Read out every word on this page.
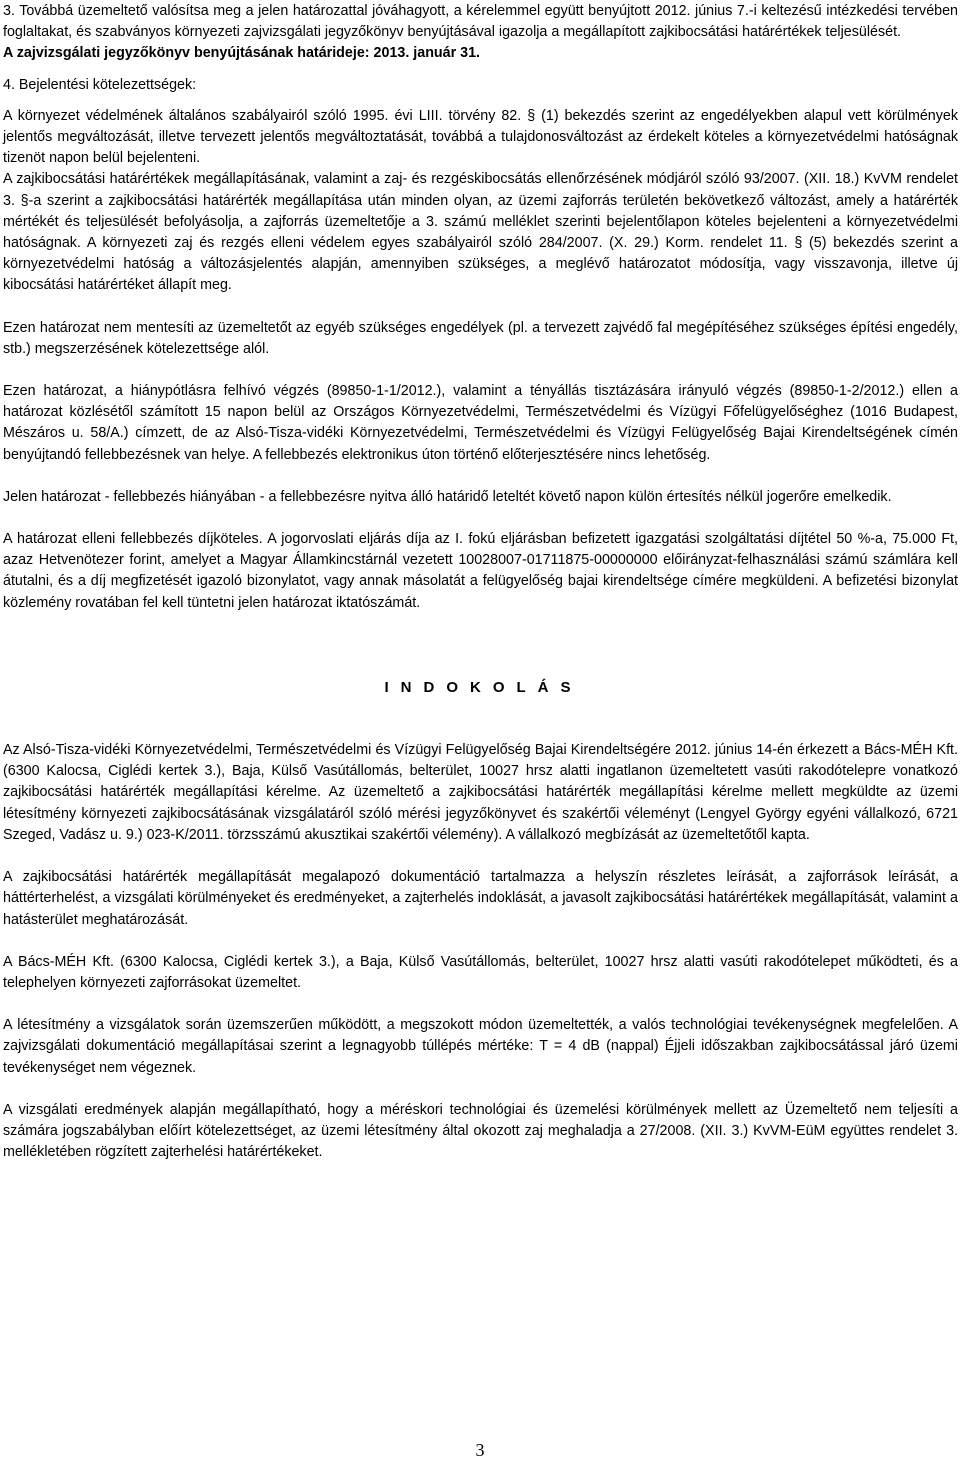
3. Továbbá üzemeltető valósítsa meg a jelen határozattal jóváhagyott, a kérelemmel együtt benyújtott 2012. június 7.-i keltezésű intézkedési tervében foglaltakat, és szabványos környezeti zajvizsgálati jegyzőkönyv benyújtásával igazolja a megállapított zajkibocsátási határértékek teljesülését.

A zajvizsgálati jegyzőkönyv benyújtásának határideje: 2013. január 31.

4. Bejelentési kötelezettségek:

A környezet védelmének általános szabályairól szóló 1995. évi LIII. törvény 82. § (1) bekezdés szerint az engedélyekben alapul vett körülmények jelentős megváltozását, illetve tervezett jelentős megváltoztatását, továbbá a tulajdonosváltozást az érdekelt köteles a környezetvédelmi hatóságnak tizenöt napon belül bejelenteni.

A zajkibocsátási határértékek megállapításának, valamint a zaj- és rezgéskibocsátás ellenőrzésének módjáról szóló 93/2007. (XII. 18.) KvVM rendelet 3. §-a szerint a zajkibocsátási határérték megállapítása után minden olyan, az üzemi zajforrás területén bekövetkező változást, amely a határérték mértékét és teljesülését befolyásolja, a zajforrás üzemeltetője a 3. számú melléklet szerinti bejelentőlapon köteles bejelenteni a környezetvédelmi hatóságnak. A környezeti zaj és rezgés elleni védelem egyes szabályairól szóló 284/2007. (X. 29.) Korm. rendelet 11. § (5) bekezdés szerint a környezetvédelmi hatóság a változásjelentés alapján, amennyiben szükséges, a meglévő határozatot módosítja, vagy visszavonja, illetve új kibocsátási határértéket állapít meg.

Ezen határozat nem mentesíti az üzemeltetőt az egyéb szükséges engedélyek (pl. a tervezett zajvédő fal megépítéséhez szükséges építési engedély, stb.) megszerzésének kötelezettsége alól.

Ezen határozat, a hiánypótlásra felhívó végzés (89850-1-1/2012.), valamint a tényállás tisztázására irányuló végzés (89850-1-2/2012.) ellen a határozat közlésétől számított 15 napon belül az Országos Környezetvédelmi, Természetvédelmi és Vízügyi Főfelügyelőséghez (1016 Budapest, Mészáros u. 58/A.) címzett, de az Alsó-Tisza-vidéki Környezetvédelmi, Természetvédelmi és Vízügyi Felügyelőség Bajai Kirendeltségének címén benyújtandó fellebbezésnek van helye. A fellebbezés elektronikus úton történő előterjesztésére nincs lehetőség.

Jelen határozat - fellebbezés hiányában - a fellebbezésre nyitva álló határidő leteltét követő napon külön értesítés nélkül jogerőre emelkedik.

A határozat elleni fellebbezés díjköteles. A jogorvoslati eljárás díja az I. fokú eljárásban befizetett igazgatási szolgáltatási díjtétel 50 %-a, 75.000 Ft, azaz Hetvenötezer forint, amelyet a Magyar Államkincstárnál vezetett 10028007-01711875-00000000 előirányzat-felhasználási számú számlára kell átutalni, és a díj megfizetését igazoló bizonylatot, vagy annak másolatát a felügyelőség bajai kirendeltsége címére megküldeni. A befizetési bizonylat közlemény rovatában fel kell tüntetni jelen határozat iktatószámát.

INDOKOLÁS

Az Alsó-Tisza-vidéki Környezetvédelmi, Természetvédelmi és Vízügyi Felügyelőség Bajai Kirendeltségére 2012. június 14-én érkezett a Bács-MÉH Kft. (6300 Kalocsa, Ciglédi kertek 3.), Baja, Külső Vasútállomás, belterület, 10027 hrsz alatti ingatlanon üzemeltetett vasúti rakodótelepre vonatkozó zajkibocsátási határérték megállapítási kérelme. Az üzemeltető a zajkibocsátási határérték megállapítási kérelme mellett megküldte az üzemi létesítmény környezeti zajkibocsátásának vizsgálatáról szóló mérési jegyzőkönyvet és szakértői véleményt (Lengyel György egyéni vállalkozó, 6721 Szeged, Vadász u. 9.) 023-K/2011. törzsszámú akusztikai szakértői vélemény). A vállalkozó megbízását az üzemeltetőtől kapta.

A zajkibocsátási határérték megállapítását megalapozó dokumentáció tartalmazza a helyszín részletes leírását, a zajforrások leírását, a háttérterhelést, a vizsgálati körülményeket és eredményeket, a zajterhelés indoklását, a javasolt zajkibocsátási határértékek megállapítását, valamint a hatásterület meghatározását.

A Bács-MÉH Kft. (6300 Kalocsa, Ciglédi kertek 3.), a Baja, Külső Vasútállomás, belterület, 10027 hrsz alatti vasúti rakodótelepet működteti, és a telephelyen környezeti zajforrásokat üzemeltet.

A létesítmény a vizsgálatok során üzemszerűen működött, a megszokott módon üzemeltették, a valós technológiai tevékenységnek megfelelően. A zajvizsgálati dokumentáció megállapításai szerint a legnagyobb túllépés mértéke: T = 4 dB (nappal) Éjjeli időszakban zajkibocsátással járó üzemi tevékenységet nem végeznek.

A vizsgálati eredmények alapján megállapítható, hogy a méréskori technológiai és üzemelési körülmények mellett az Üzemeltető nem teljesíti a számára jogszabályban előírt kötelezettséget, az üzemi létesítmény által okozott zaj meghaladja a 27/2008. (XII. 3.) KvVM-EüM együttes rendelet 3. mellékletében rögzített zajterhelési határértékeket.

3
